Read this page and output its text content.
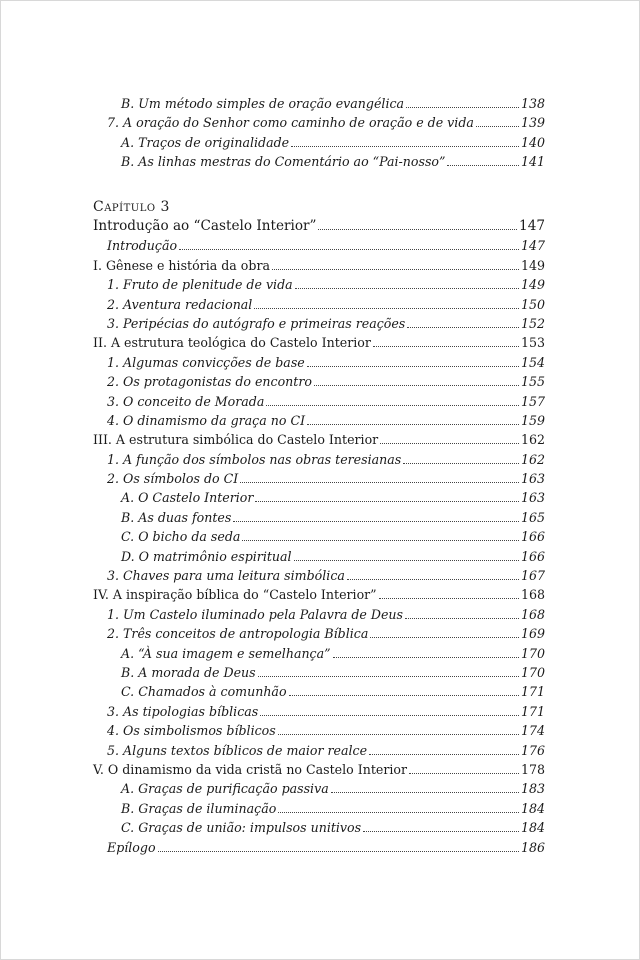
B. Um método simples de oração evangélica	138
7. A oração do Senhor como caminho de oração e de vida	139
A. Traços de originalidade	140
B. As linhas mestras do Comentário ao “Pai-nosso”	141
Capítulo 3
Introdução ao “Castelo Interior”	147
Introdução	147
I. Gênese e história da obra	149
1. Fruto de plenitude de vida	149
2. Aventura redacional	150
3. Peripécias do autógrafo e primeiras reações	152
II. A estrutura teológica do Castelo Interior	153
1. Algumas convicções de base	154
2. Os protagonistas do encontro	155
3. O conceito de Morada	157
4. O dinamismo da graça no CI	159
III. A estrutura simbólica do Castelo Interior	162
1. A função dos símbolos nas obras teresianas	162
2. Os símbolos do CI	163
A. O Castelo Interior	163
B. As duas fontes	165
C. O bicho da seda	166
D. O matrimônio espiritual	166
3. Chaves para uma leitura simbólica	167
IV. A inspiração bíblica do “Castelo Interior”	168
1. Um Castelo iluminado pela Palavra de Deus	168
2. Três conceitos de antropologia Bíblica	169
A. “À sua imagem e semelhança”	170
B. A morada de Deus	170
C. Chamados à comunhão	171
3. As tipologias bíblicas	171
4. Os simbolismos bíblicos	174
5. Alguns textos bíblicos de maior realce	176
V. O dinamismo da vida cristã no Castelo Interior	178
A. Graças de purificação passiva	183
B. Graças de iluminação	184
C. Graças de união: impulsos unitivos	184
Epílogo	186
